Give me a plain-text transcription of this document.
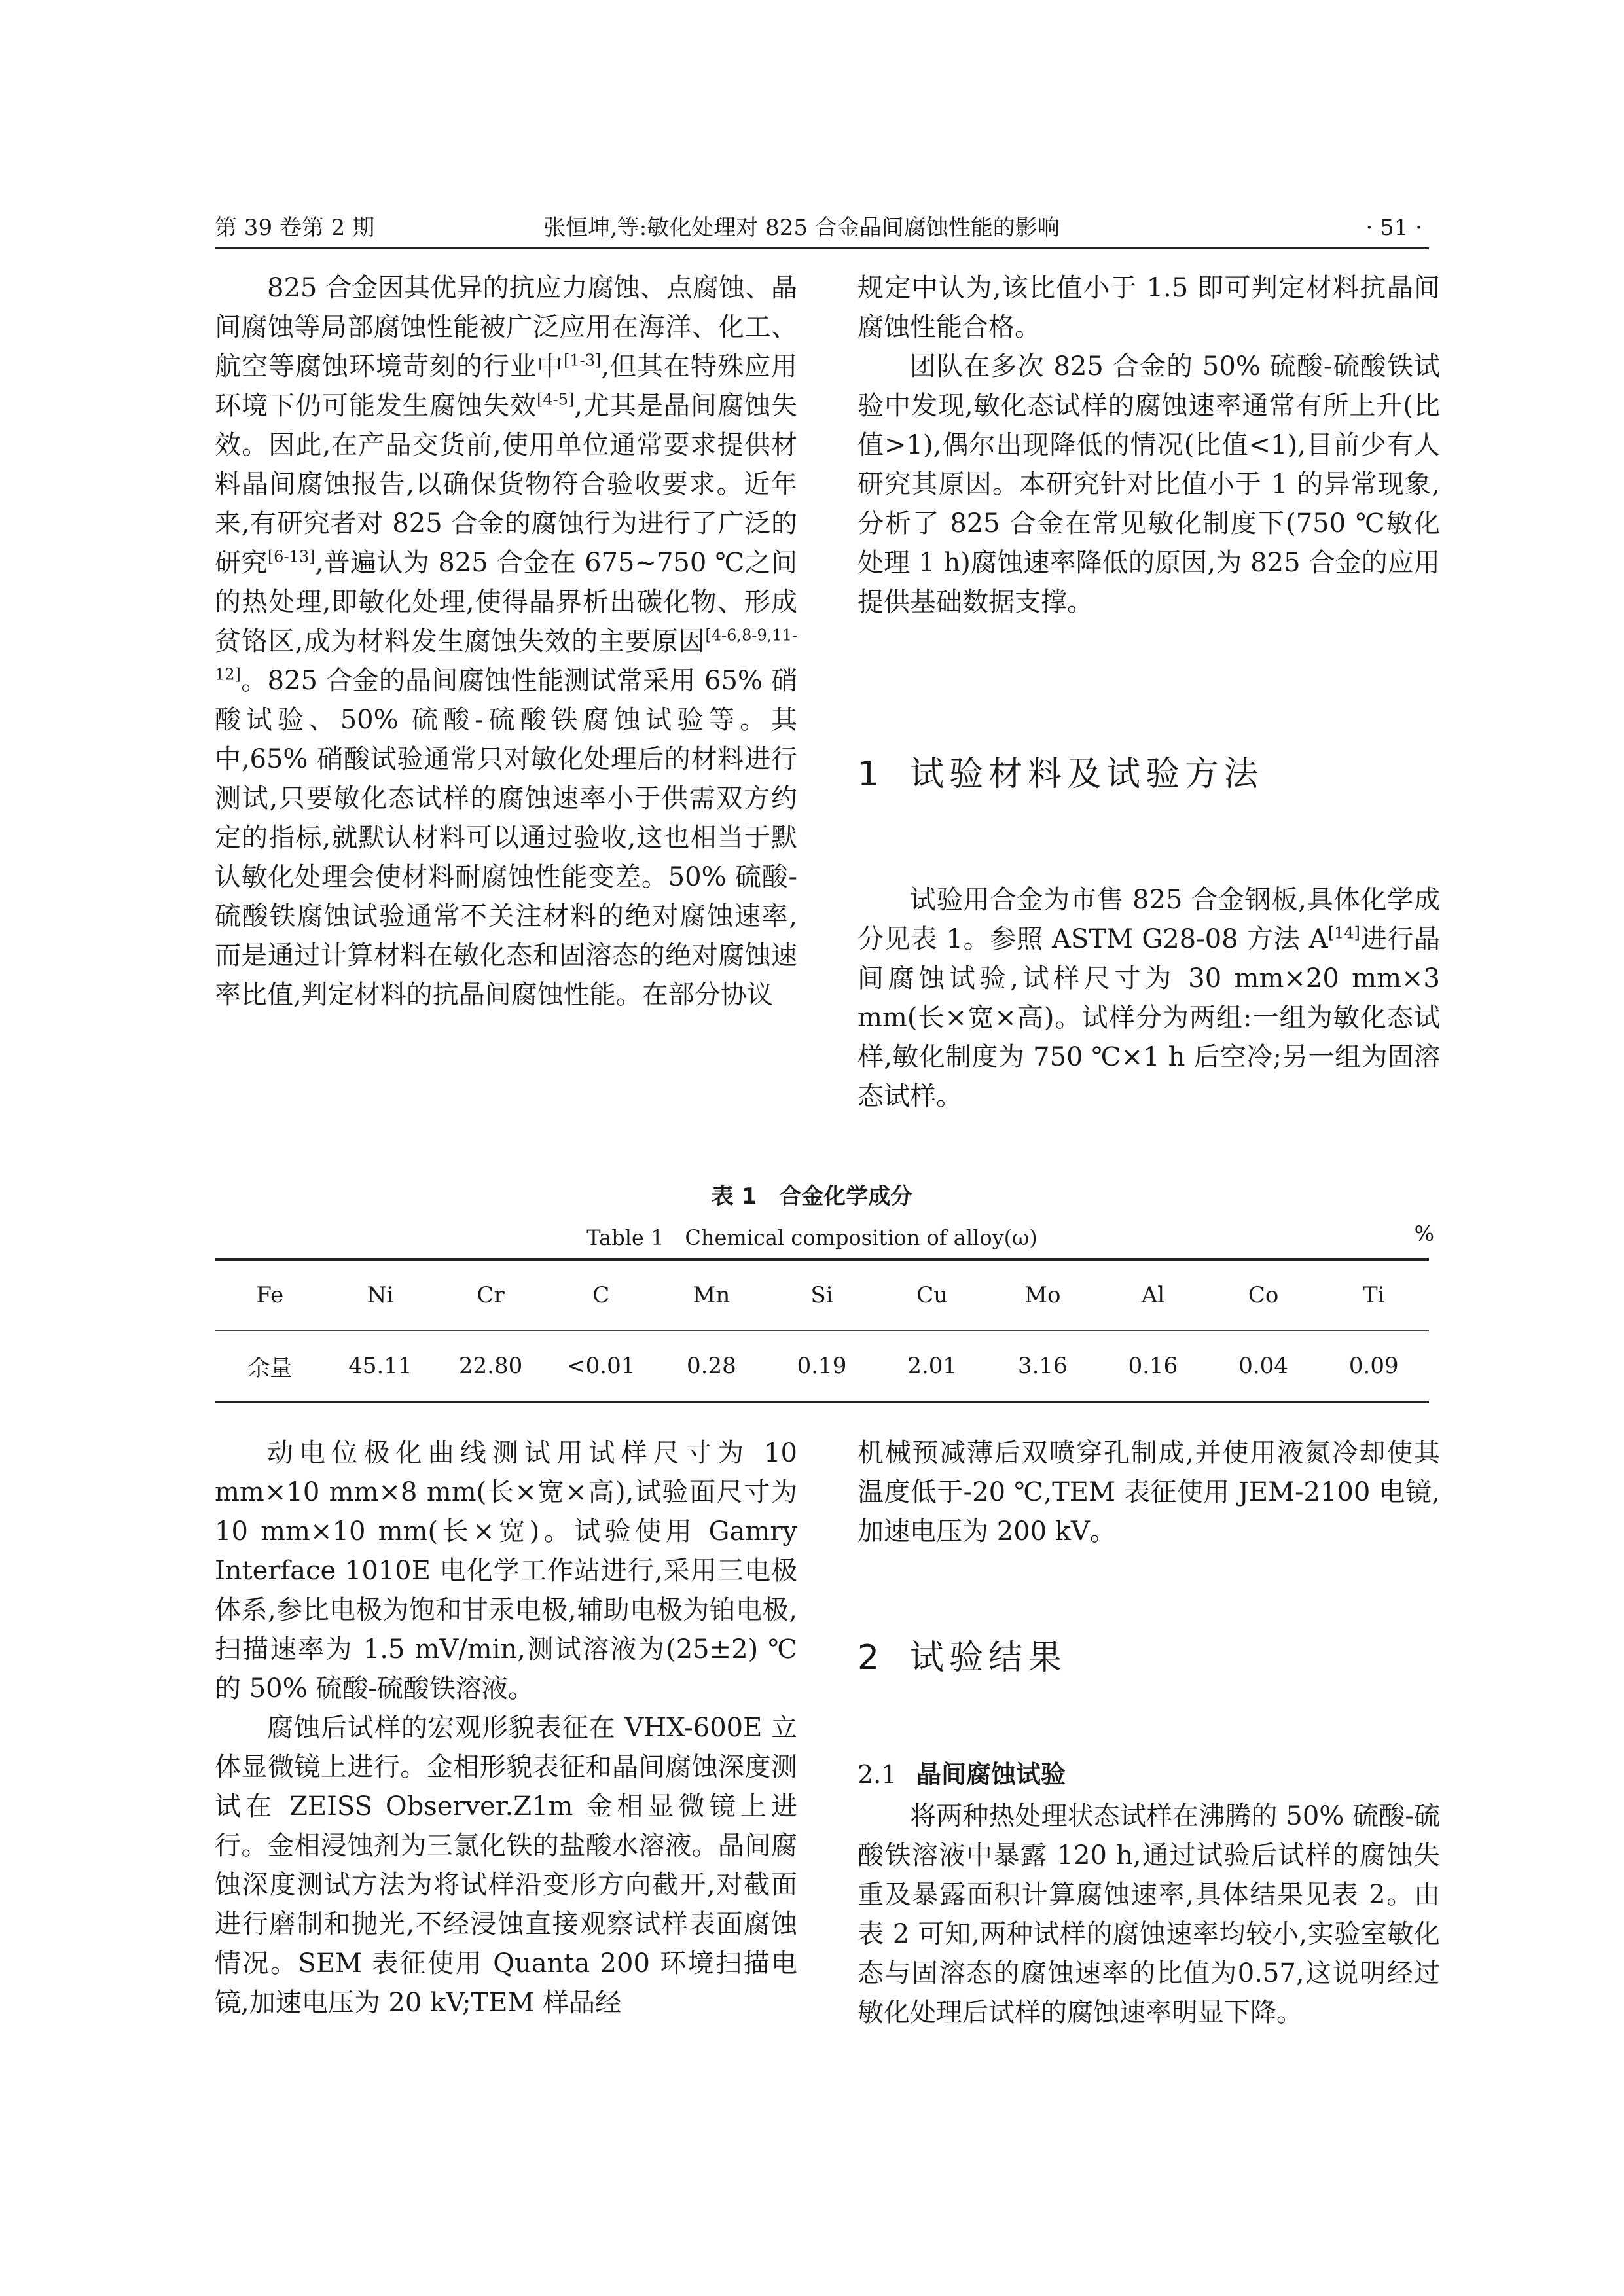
第 39 卷第 2 期	张恒坤,等:敏化处理对 825 合金晶间腐蚀性能的影响	· 51 ·

825 合金因其优异的抗应力腐蚀、点腐蚀、晶间腐蚀等局部腐蚀性能被广泛应用在海洋、化工、航空等腐蚀环境苛刻的行业中[1-3],但其在特殊应用环境下仍可能发生腐蚀失效[4-5],尤其是晶间腐蚀失效。因此,在产品交货前,使用单位通常要求提供材料晶间腐蚀报告,以确保货物符合验收要求。近年来,有研究者对 825 合金的腐蚀行为进行了广泛的研究[6-13],普遍认为 825 合金在 675~750 ℃之间的热处理,即敏化处理,使得晶界析出碳化物、形成贫铬区,成为材料发生腐蚀失效的主要原因[4-6,8-9,11-12]。825 合金的晶间腐蚀性能测试常采用 65% 硝酸试验、50% 硫酸-硫酸铁腐蚀试验等。其中,65% 硝酸试验通常只对敏化处理后的材料进行测试,只要敏化态试样的腐蚀速率小于供需双方约定的指标,就默认材料可以通过验收,这也相当于默认敏化处理会使材料耐腐蚀性能变差。50% 硫酸-硫酸铁腐蚀试验通常不关注材料的绝对腐蚀速率,而是通过计算材料在敏化态和固溶态的绝对腐蚀速率比值,判定材料的抗晶间腐蚀性能。在部分协议

规定中认为,该比值小于 1.5 即可判定材料抗晶间腐蚀性能合格。

团队在多次 825 合金的 50% 硫酸-硫酸铁试验中发现,敏化态试样的腐蚀速率通常有所上升(比值>1),偶尔出现降低的情况(比值<1),目前少有人研究其原因。本研究针对比值小于 1 的异常现象,分析了 825 合金在常见敏化制度下(750 ℃敏化处理 1 h)腐蚀速率降低的原因,为 825 合金的应用提供基础数据支撑。

1 试验材料及试验方法

试验用合金为市售 825 合金钢板,具体化学成分见表 1。参照 ASTM G28-08 方法 A[14]进行晶间腐蚀试验,试样尺寸为 30 mm×20 mm×3 mm(长×宽×高)。试样分为两组:一组为敏化态试样,敏化制度为 750 ℃×1 h 后空冷;另一组为固溶态试样。

表 1　合金化学成分
Table 1　Chemical composition of alloy(ω)	%
Fe	Ni	Cr	C	Mn	Si	Cu	Mo	Al	Co	Ti
余量	45.11	22.80	<0.01	0.28	0.19	2.01	3.16	0.16	0.04	0.09

动电位极化曲线测试用试样尺寸为 10 mm×10 mm×8 mm(长×宽×高),试验面尺寸为 10 mm×10 mm(长×宽)。试验使用 Gamry Interface 1010E 电化学工作站进行,采用三电极体系,参比电极为饱和甘汞电极,辅助电极为铂电极,扫描速率为 1.5 mV/min,测试溶液为(25±2) ℃的 50% 硫酸-硫酸铁溶液。

腐蚀后试样的宏观形貌表征在 VHX-600E 立体显微镜上进行。金相形貌表征和晶间腐蚀深度测试在 ZEISS Observer.Z1m 金相显微镜上进行。金相浸蚀剂为三氯化铁的盐酸水溶液。晶间腐蚀深度测试方法为将试样沿变形方向截开,对截面进行磨制和抛光,不经浸蚀直接观察试样表面腐蚀情况。SEM 表征使用 Quanta 200 环境扫描电镜,加速电压为 20 kV;TEM 样品经

机械预减薄后双喷穿孔制成,并使用液氮冷却使其温度低于-20 ℃,TEM 表征使用 JEM-2100 电镜,加速电压为 200 kV。

2 试验结果
2.1 晶间腐蚀试验

将两种热处理状态试样在沸腾的 50% 硫酸-硫酸铁溶液中暴露 120 h,通过试验后试样的腐蚀失重及暴露面积计算腐蚀速率,具体结果见表 2。由表 2 可知,两种试样的腐蚀速率均较小,实验室敏化态与固溶态的腐蚀速率的比值为0.57,这说明经过敏化处理后试样的腐蚀速率明显下降。
